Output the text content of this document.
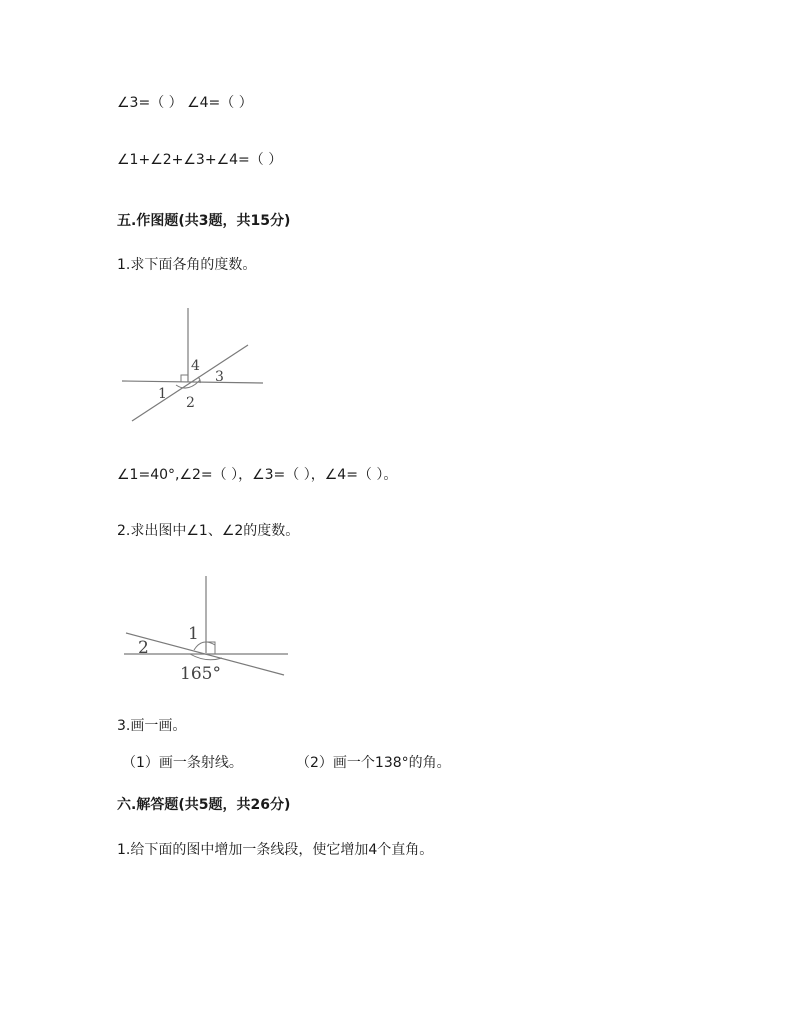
∠3=（ ） ∠4=（ ）
∠1+∠2+∠3+∠4=（ ）
五.作图题(共3题，共15分)
1.求下面各角的度数。
4
3
1
2
∠1=40°,∠2=（ ），∠3=（ ），∠4=（ ）。
2.求出图中∠1、∠2的度数。
2
1
165°
3.画一画。
（1）画一条射线。	（2）画一个138°的角。
六.解答题(共5题，共26分)
1.给下面的图中增加一条线段，使它增加4个直角。
